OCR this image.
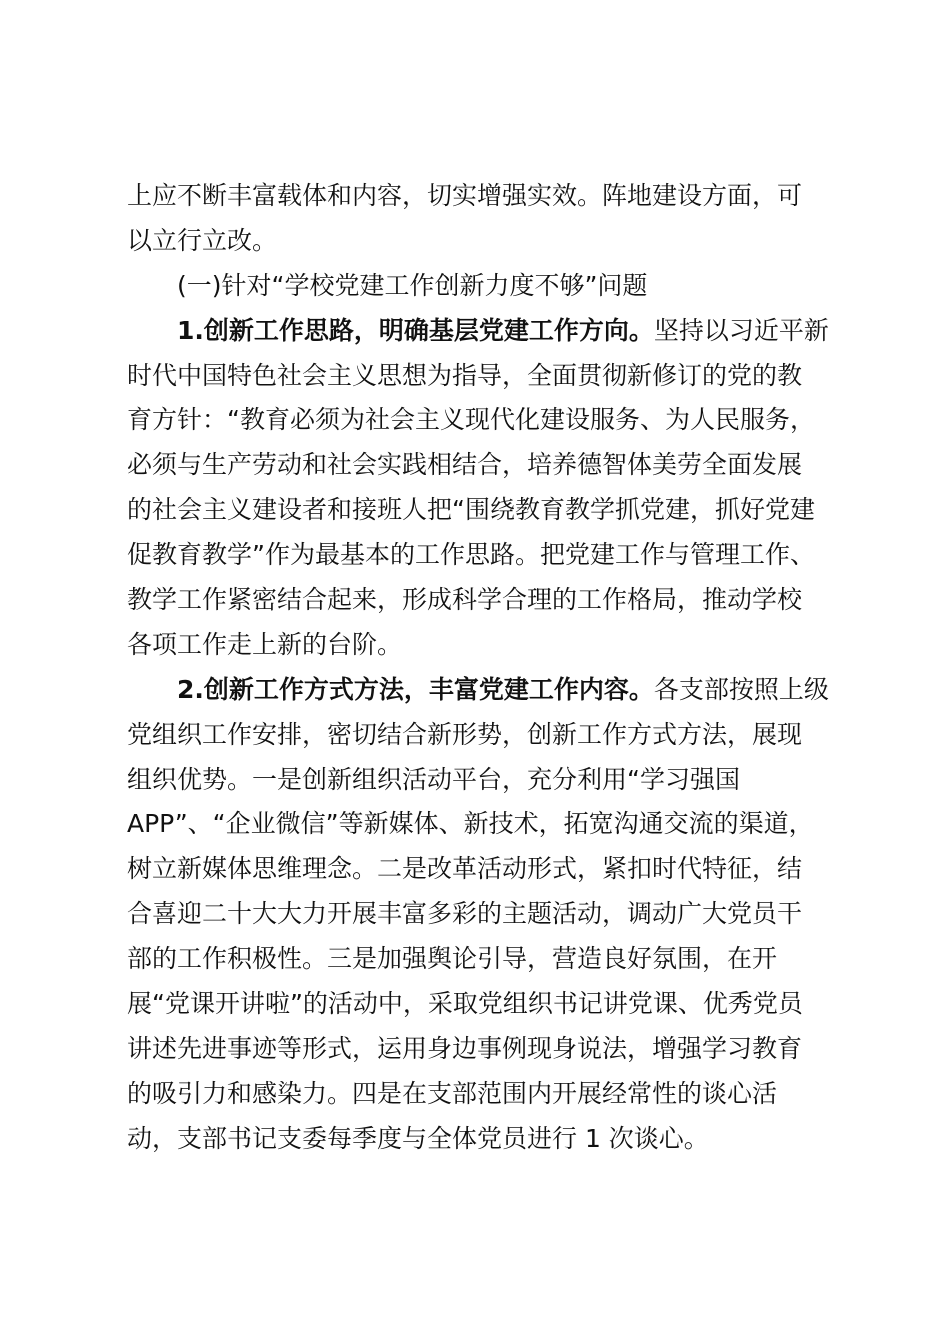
上应不断丰富载体和内容，切实增强实效。阵地建设方面，可
以立行立改。
(一)针对“学校党建工作创新力度不够”问题
1.创新工作思路，明确基层党建工作方向。坚持以习近平新
时代中国特色社会主义思想为指导，全面贯彻新修订的党的教
育方针：“教育必须为社会主义现代化建设服务、为人民服务，
必须与生产劳动和社会实践相结合，培养德智体美劳全面发展
的社会主义建设者和接班人把“围绕教育教学抓党建，抓好党建
促教育教学”作为最基本的工作思路。把党建工作与管理工作、
教学工作紧密结合起来，形成科学合理的工作格局，推动学校
各项工作走上新的台阶。
2.创新工作方式方法，丰富党建工作内容。各支部按照上级
党组织工作安排，密切结合新形势，创新工作方式方法，展现
组织优势。一是创新组织活动平台，充分利用“学习强国
APP”、“企业微信”等新媒体、新技术，拓宽沟通交流的渠道，
树立新媒体思维理念。二是改革活动形式，紧扣时代特征，结
合喜迎二十大大力开展丰富多彩的主题活动，调动广大党员干
部的工作积极性。三是加强舆论引导，营造良好氛围，在开
展“党课开讲啦”的活动中，采取党组织书记讲党课、优秀党员
讲述先进事迹等形式，运用身边事例现身说法，增强学习教育
的吸引力和感染力。四是在支部范围内开展经常性的谈心活
动，支部书记支委每季度与全体党员进行 1 次谈心。
